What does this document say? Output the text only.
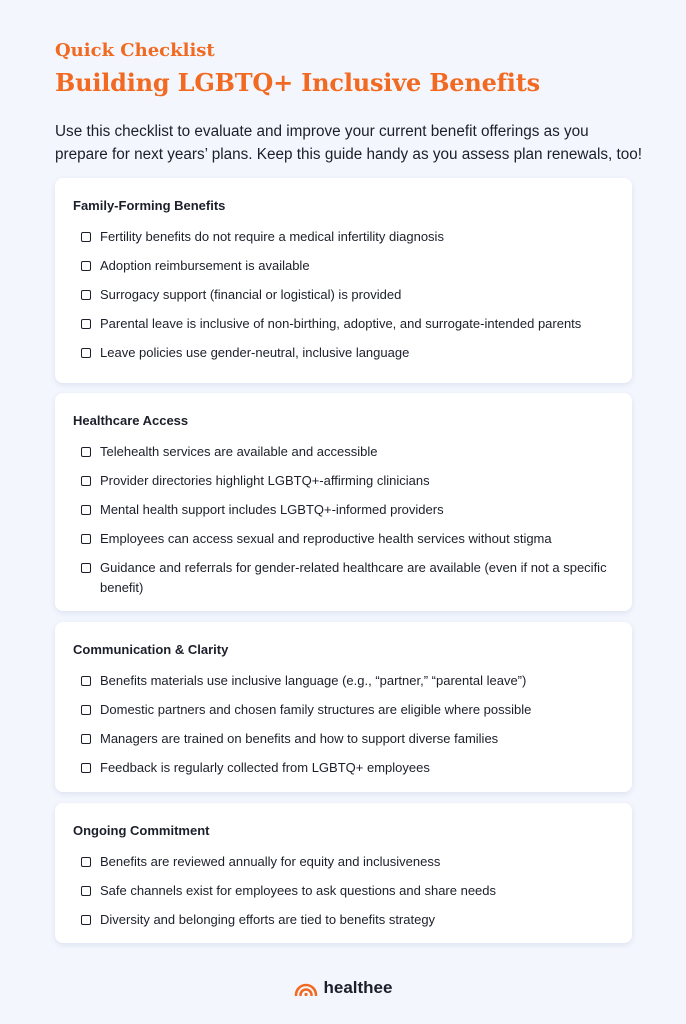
Quick Checklist
Building LGBTQ+ Inclusive Benefits
Use this checklist to evaluate and improve your current benefit offerings as you prepare for next years’ plans. Keep this guide handy as you assess plan renewals, too!
Family-Forming Benefits
Fertility benefits do not require a medical infertility diagnosis
Adoption reimbursement is available
Surrogacy support (financial or logistical) is provided
Parental leave is inclusive of non-birthing, adoptive, and surrogate-intended parents
Leave policies use gender-neutral, inclusive language
Healthcare Access
Telehealth services are available and accessible
Provider directories highlight LGBTQ+-affirming clinicians
Mental health support includes LGBTQ+-informed providers
Employees can access sexual and reproductive health services without stigma
Guidance and referrals for gender-related healthcare are available (even if not a specific benefit)
Communication & Clarity
Benefits materials use inclusive language (e.g., “partner,” “parental leave”)
Domestic partners and chosen family structures are eligible where possible
Managers are trained on benefits and how to support diverse families
Feedback is regularly collected from LGBTQ+ employees
Ongoing Commitment
Benefits are reviewed annually for equity and inclusiveness
Safe channels exist for employees to ask questions and share needs
Diversity and belonging efforts are tied to benefits strategy
healthee
